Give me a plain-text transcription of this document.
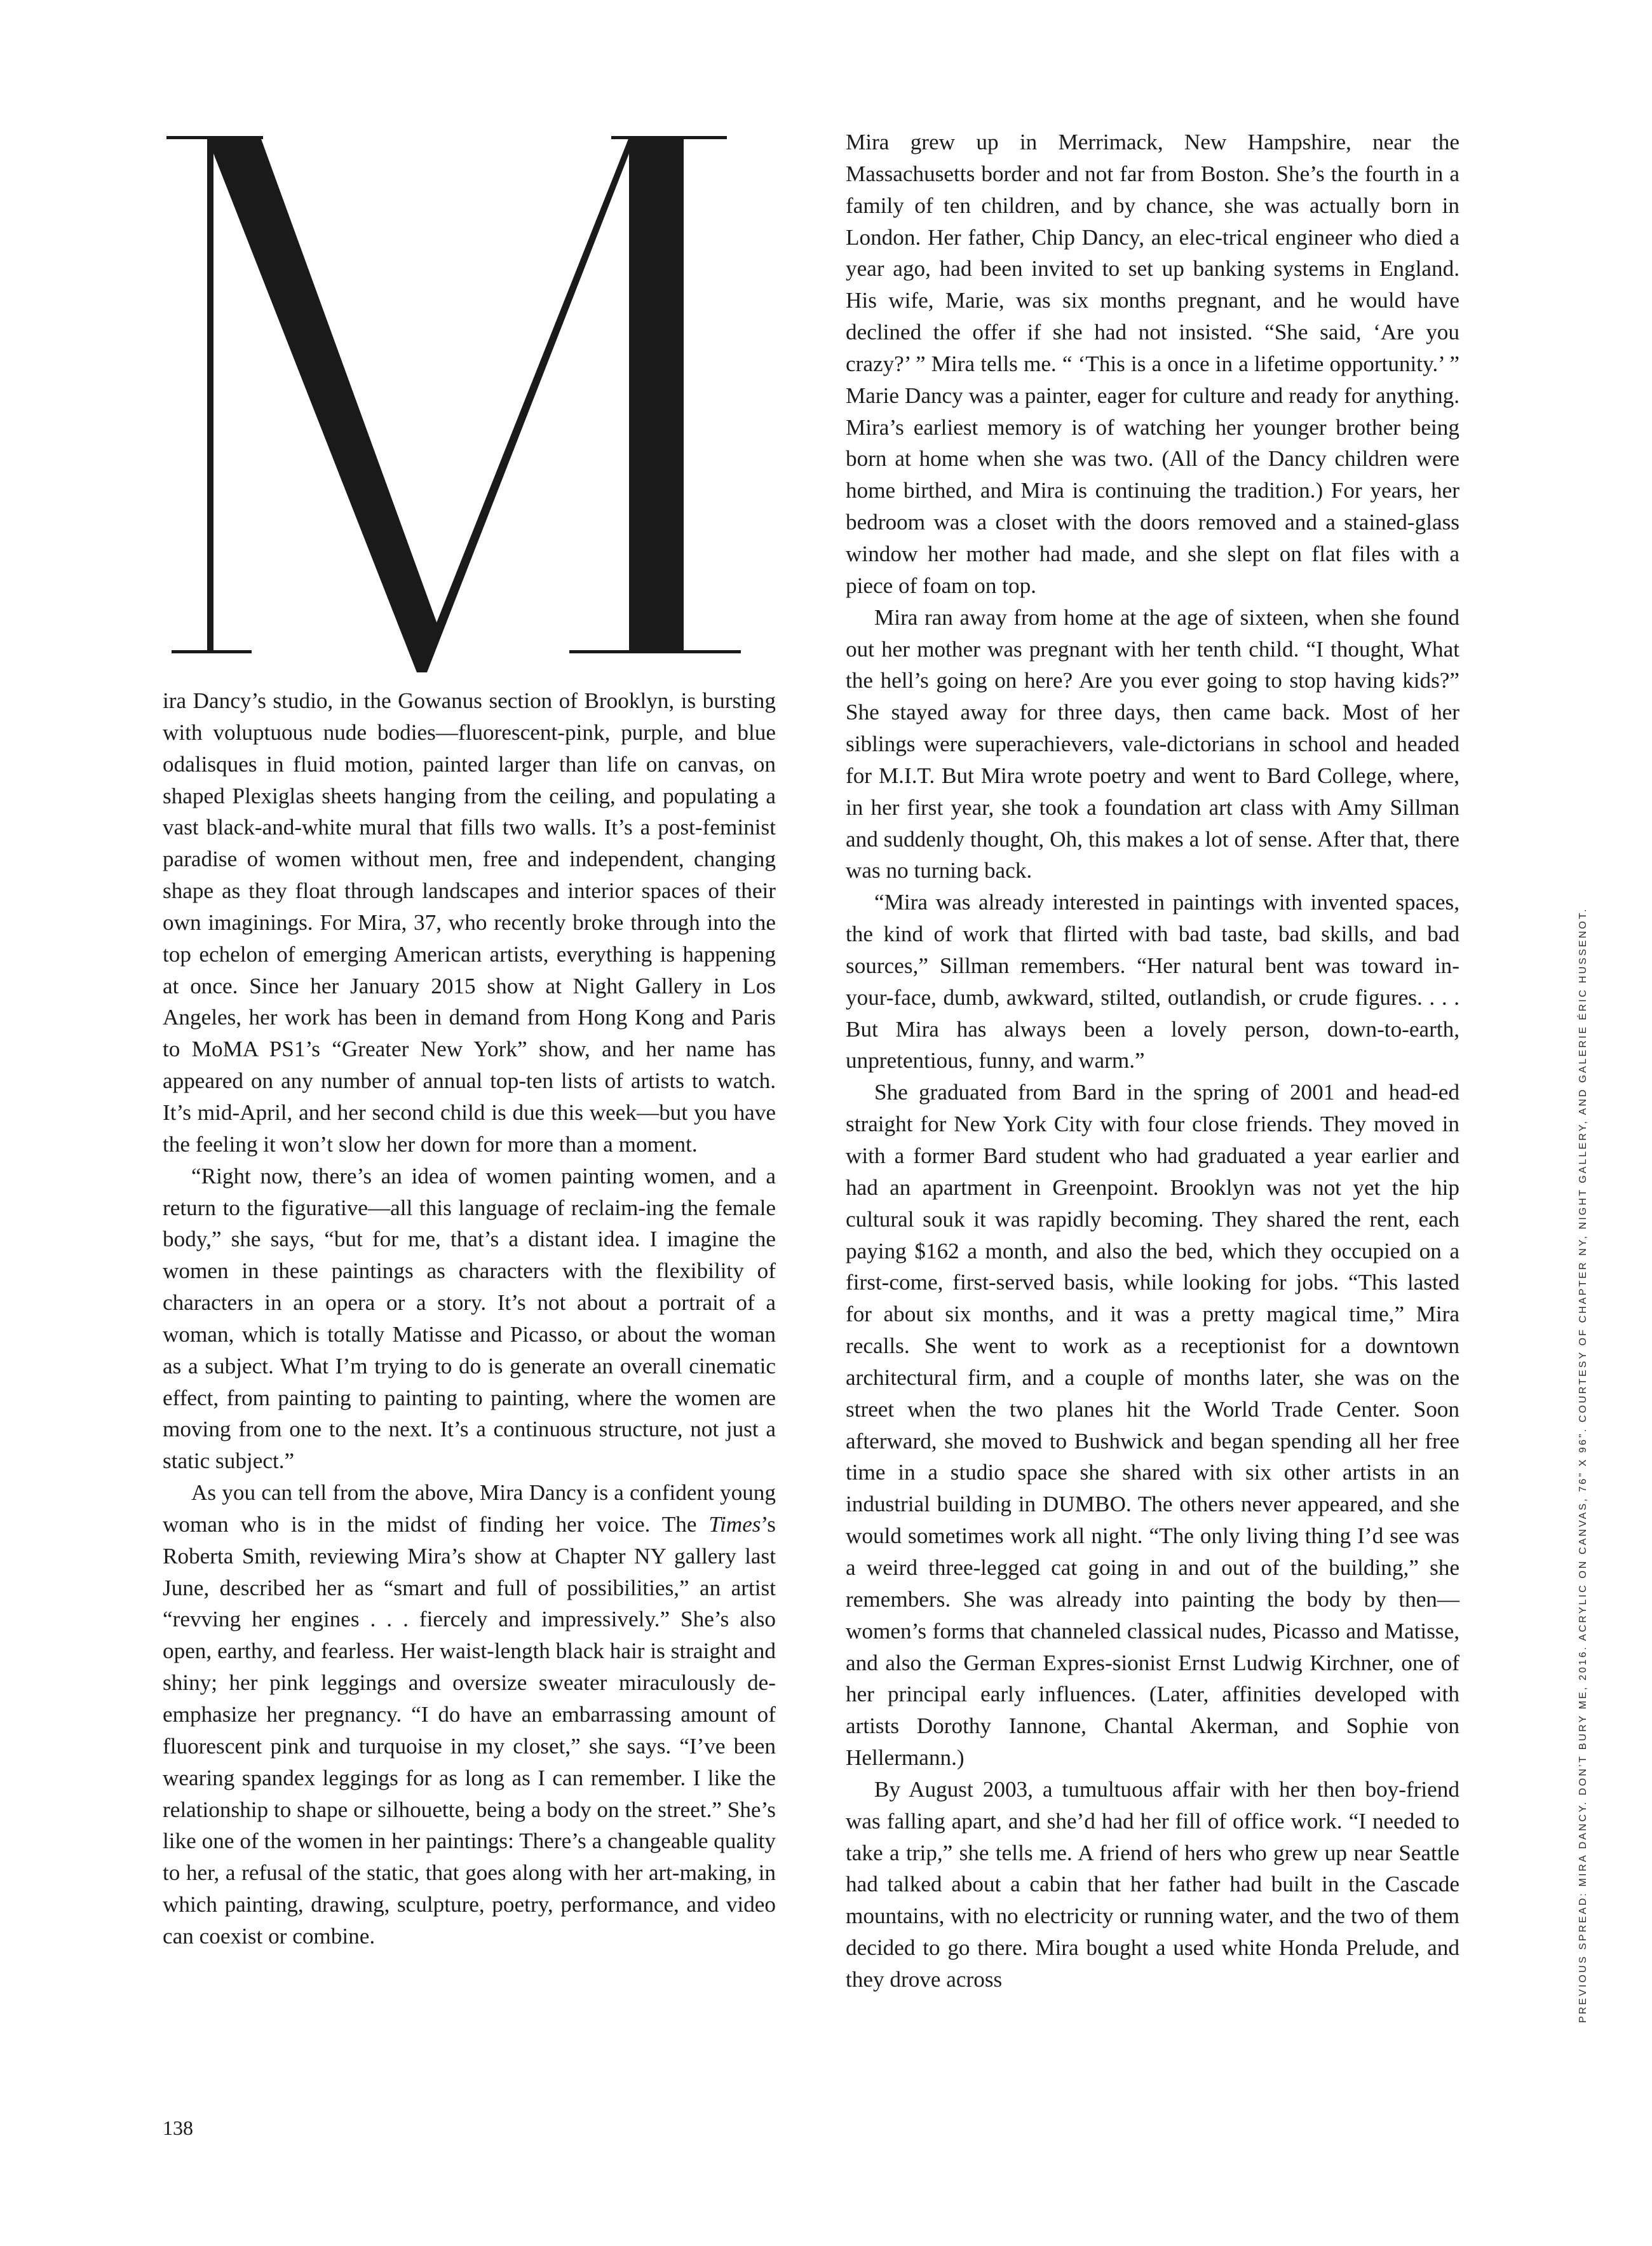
ira Dancy’s studio, in the Gowanus section of Brooklyn, is bursting with voluptuous nude bodies—fluorescent-pink, purple, and blue odalisques in fluid motion, painted larger than life on canvas, on shaped Plexiglas sheets hanging from the ceiling, and populating a vast black-and-white mural that fills two walls. It’s a post-feminist paradise of women without men, free and independent, changing shape as they float through landscapes and interior spaces of their own imaginings. For Mira, 37, who recently broke through into the top echelon of emerging American artists, everything is happening at once. Since her January 2015 show at Night Gallery in Los Angeles, her work has been in demand from Hong Kong and Paris to MoMA PS1’s “Greater New York” show, and her name has appeared on any number of annual top-ten lists of artists to watch. It’s mid-April, and her second child is due this week—but you have the feeling it won’t slow her down for more than a moment.

“Right now, there’s an idea of women painting women, and a return to the figurative—all this language of reclaim-ing the female body,” she says, “but for me, that’s a distant idea. I imagine the women in these paintings as characters with the flexibility of characters in an opera or a story. It’s not about a portrait of a woman, which is totally Matisse and Picasso, or about the woman as a subject. What I’m trying to do is generate an overall cinematic effect, from painting to painting to painting, where the women are moving from one to the next. It’s a continuous structure, not just a static subject.”

As you can tell from the above, Mira Dancy is a confident young woman who is in the midst of finding her voice. The Times’s Roberta Smith, reviewing Mira’s show at Chapter NY gallery last June, described her as “smart and full of possibilities,” an artist “revving her engines . . . fiercely and impressively.” She’s also open, earthy, and fearless. Her waist-length black hair is straight and shiny; her pink leggings and oversize sweater miraculously de-emphasize her pregnancy. “I do have an embarrassing amount of fluorescent pink and turquoise in my closet,” she says. “I’ve been wearing spandex leggings for as long as I can remember. I like the relationship to shape or silhouette, being a body on the street.” She’s like one of the women in her paintings: There’s a changeable quality to her, a refusal of the static, that goes along with her art-making, in which painting, drawing, sculpture, poetry, performance, and video can coexist or combine.

Mira grew up in Merrimack, New Hampshire, near the Massachusetts border and not far from Boston. She’s the fourth in a family of ten children, and by chance, she was actually born in London. Her father, Chip Dancy, an elec-trical engineer who died a year ago, had been invited to set up banking systems in England. His wife, Marie, was six months pregnant, and he would have declined the offer if she had not insisted. “She said, ‘Are you crazy?’ ” Mira tells me. “ ‘This is a once in a lifetime opportunity.’ ” Marie Dancy was a painter, eager for culture and ready for anything. Mira’s earliest memory is of watching her younger brother being born at home when she was two. (All of the Dancy children were home birthed, and Mira is continuing the tradition.) For years, her bedroom was a closet with the doors removed and a stained-glass window her mother had made, and she slept on flat files with a piece of foam on top.

Mira ran away from home at the age of sixteen, when she found out her mother was pregnant with her tenth child. “I thought, What the hell’s going on here? Are you ever going to stop having kids?” She stayed away for three days, then came back. Most of her siblings were superachievers, vale-dictorians in school and headed for M.I.T. But Mira wrote poetry and went to Bard College, where, in her first year, she took a foundation art class with Amy Sillman and suddenly thought, Oh, this makes a lot of sense. After that, there was no turning back.

“Mira was already interested in paintings with invented spaces, the kind of work that flirted with bad taste, bad skills, and bad sources,” Sillman remembers. “Her natural bent was toward in-your-face, dumb, awkward, stilted, outlandish, or crude figures. . . . But Mira has always been a lovely person, down-to-earth, unpretentious, funny, and warm.”

She graduated from Bard in the spring of 2001 and head-ed straight for New York City with four close friends. They moved in with a former Bard student who had graduated a year earlier and had an apartment in Greenpoint. Brooklyn was not yet the hip cultural souk it was rapidly becoming. They shared the rent, each paying $162 a month, and also the bed, which they occupied on a first-come, first-served basis, while looking for jobs. “This lasted for about six months, and it was a pretty magical time,” Mira recalls. She went to work as a receptionist for a downtown architectural firm, and a couple of months later, she was on the street when the two planes hit the World Trade Center. Soon afterward, she moved to Bushwick and began spending all her free time in a studio space she shared with six other artists in an industrial building in DUMBO. The others never appeared, and she would sometimes work all night. “The only living thing I’d see was a weird three-legged cat going in and out of the building,” she remembers. She was already into painting the body by then—women’s forms that channeled classical nudes, Picasso and Matisse, and also the German Expres-sionist Ernst Ludwig Kirchner, one of her principal early influences. (Later, affinities developed with artists Dorothy Iannone, Chantal Akerman, and Sophie von Hellermann.)

By August 2003, a tumultuous affair with her then boy-friend was falling apart, and she’d had her fill of office work. “I needed to take a trip,” she tells me. A friend of hers who grew up near Seattle had talked about a cabin that her father had built in the Cascade mountains, with no electricity or running water, and the two of them decided to go there. Mira bought a used white Honda Prelude, and they drove across	PREVIOUS SPREAD: MIRA DANCY. DON’T BURY ME, 2016. ACRYLIC ON CANVAS, 76" X 96". COURTESY OF CHAPTER NY, NIGHT GALLERY, AND GALERIE ÉRIC HUSSENOT.
138
